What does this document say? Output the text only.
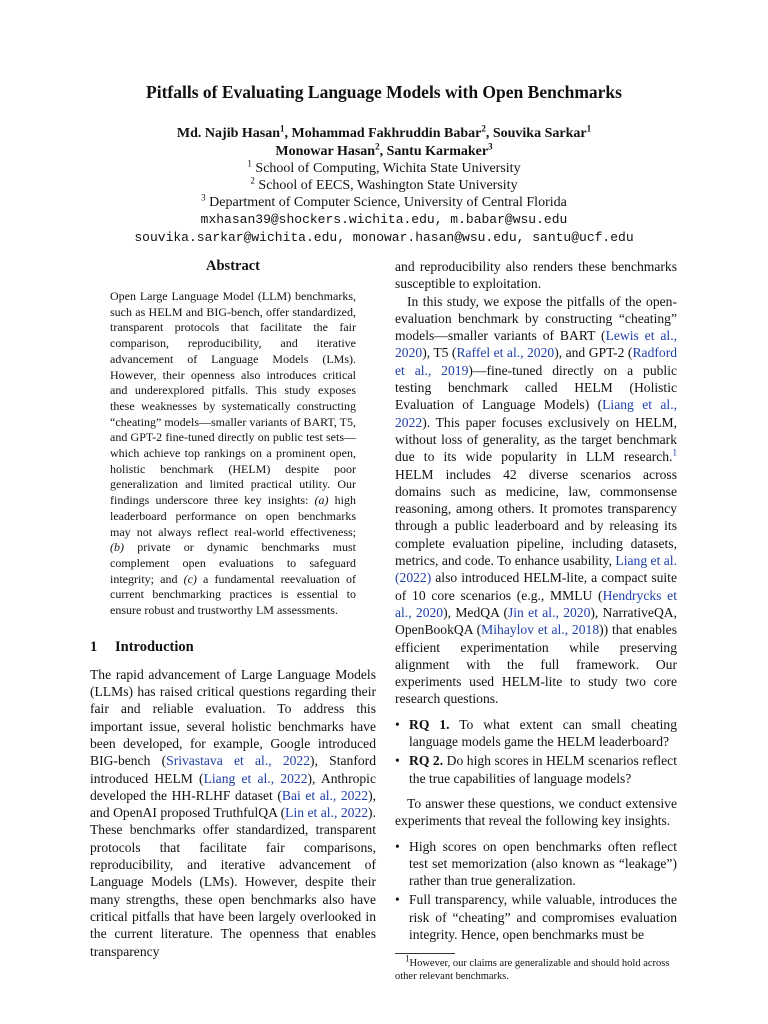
Pitfalls of Evaluating Language Models with Open Benchmarks
Md. Najib Hasan$^1$, Mohammad Fakhruddin Babar$^2$, Souvika Sarkar$^1$
Monowar Hasan$^2$, Santu Karmaker$^3$
$^1$ School of Computing, Wichita State University
$^2$ School of EECS, Washington State University
$^3$ Department of Computer Science, University of Central Florida
mxhasan39@shockers.wichita.edu, m.babar@wsu.edu
souvika.sarkar@wichita.edu, monowar.hasan@wsu.edu, santu@ucf.edu
Abstract

Open Large Language Model (LLM) benchmarks, such as HELM and BIG-bench, offer standardized, transparent protocols that facilitate the fair comparison, reproducibility, and iterative advancement of Language Models (LMs). However, their openness also introduces critical and underexplored pitfalls. This study exposes these weaknesses by systematically constructing “cheating” models—smaller variants of BART, T5, and GPT-2 fine-tuned directly on public test sets—which achieve top rankings on a prominent open, holistic benchmark (HELM) despite poor generalization and limited practical utility. Our findings underscore three key insights: (a) high leaderboard performance on open benchmarks may not always reflect real-world effectiveness; (b) private or dynamic benchmarks must complement open evaluations to safeguard integrity; and (c) a fundamental reevaluation of current benchmarking practices is essential to ensure robust and trustworthy LM assessments.

1 Introduction

The rapid advancement of Large Language Models (LLMs) has raised critical questions regarding their fair and reliable evaluation. To address this important issue, several holistic benchmarks have been developed, for example, Google introduced BIG-bench (Srivastava et al., 2022), Stanford introduced HELM (Liang et al., 2022), Anthropic developed the HH-RLHF dataset (Bai et al., 2022), and OpenAI proposed TruthfulQA (Lin et al., 2022). These benchmarks offer standardized, transparent protocols that facilitate fair comparisons, reproducibility, and iterative advancement of Language Models (LMs). However, despite their many strengths, these open benchmarks also have critical pitfalls that have been largely overlooked in the current literature. The openness that enables transparency

and reproducibility also renders these benchmarks susceptible to exploitation.

In this study, we expose the pitfalls of the open-evaluation benchmark by constructing “cheating” models—smaller variants of BART (Lewis et al., 2020), T5 (Raffel et al., 2020), and GPT-2 (Radford et al., 2019)—fine-tuned directly on a public testing benchmark called HELM (Holistic Evaluation of Language Models) (Liang et al., 2022). This paper focuses exclusively on HELM, without loss of generality, as the target benchmark due to its wide popularity in LLM research.$^1$ HELM includes 42 diverse scenarios across domains such as medicine, law, commonsense reasoning, among others. It promotes transparency through a public leaderboard and by releasing its complete evaluation pipeline, including datasets, metrics, and code. To enhance usability, Liang et al. (2022) also introduced HELM-lite, a compact suite of 10 core scenarios (e.g., MMLU (Hendrycks et al., 2020), MedQA (Jin et al., 2020), NarrativeQA, OpenBookQA (Mihaylov et al., 2018)) that enables efficient experimentation while preserving alignment with the full framework. Our experiments used HELM-lite to study two core research questions.

• RQ 1. To what extent can small cheating language models game the HELM leaderboard?
• RQ 2. Do high scores in HELM scenarios reflect the true capabilities of language models?

To answer these questions, we conduct extensive experiments that reveal the following key insights.

• High scores on open benchmarks often reflect test set memorization (also known as “leakage”) rather than true generalization.
• Full transparency, while valuable, introduces the risk of “cheating” and compromises evaluation integrity. Hence, open benchmarks must be
$^1$However, our claims are generalizable and should hold across other relevant benchmarks.
